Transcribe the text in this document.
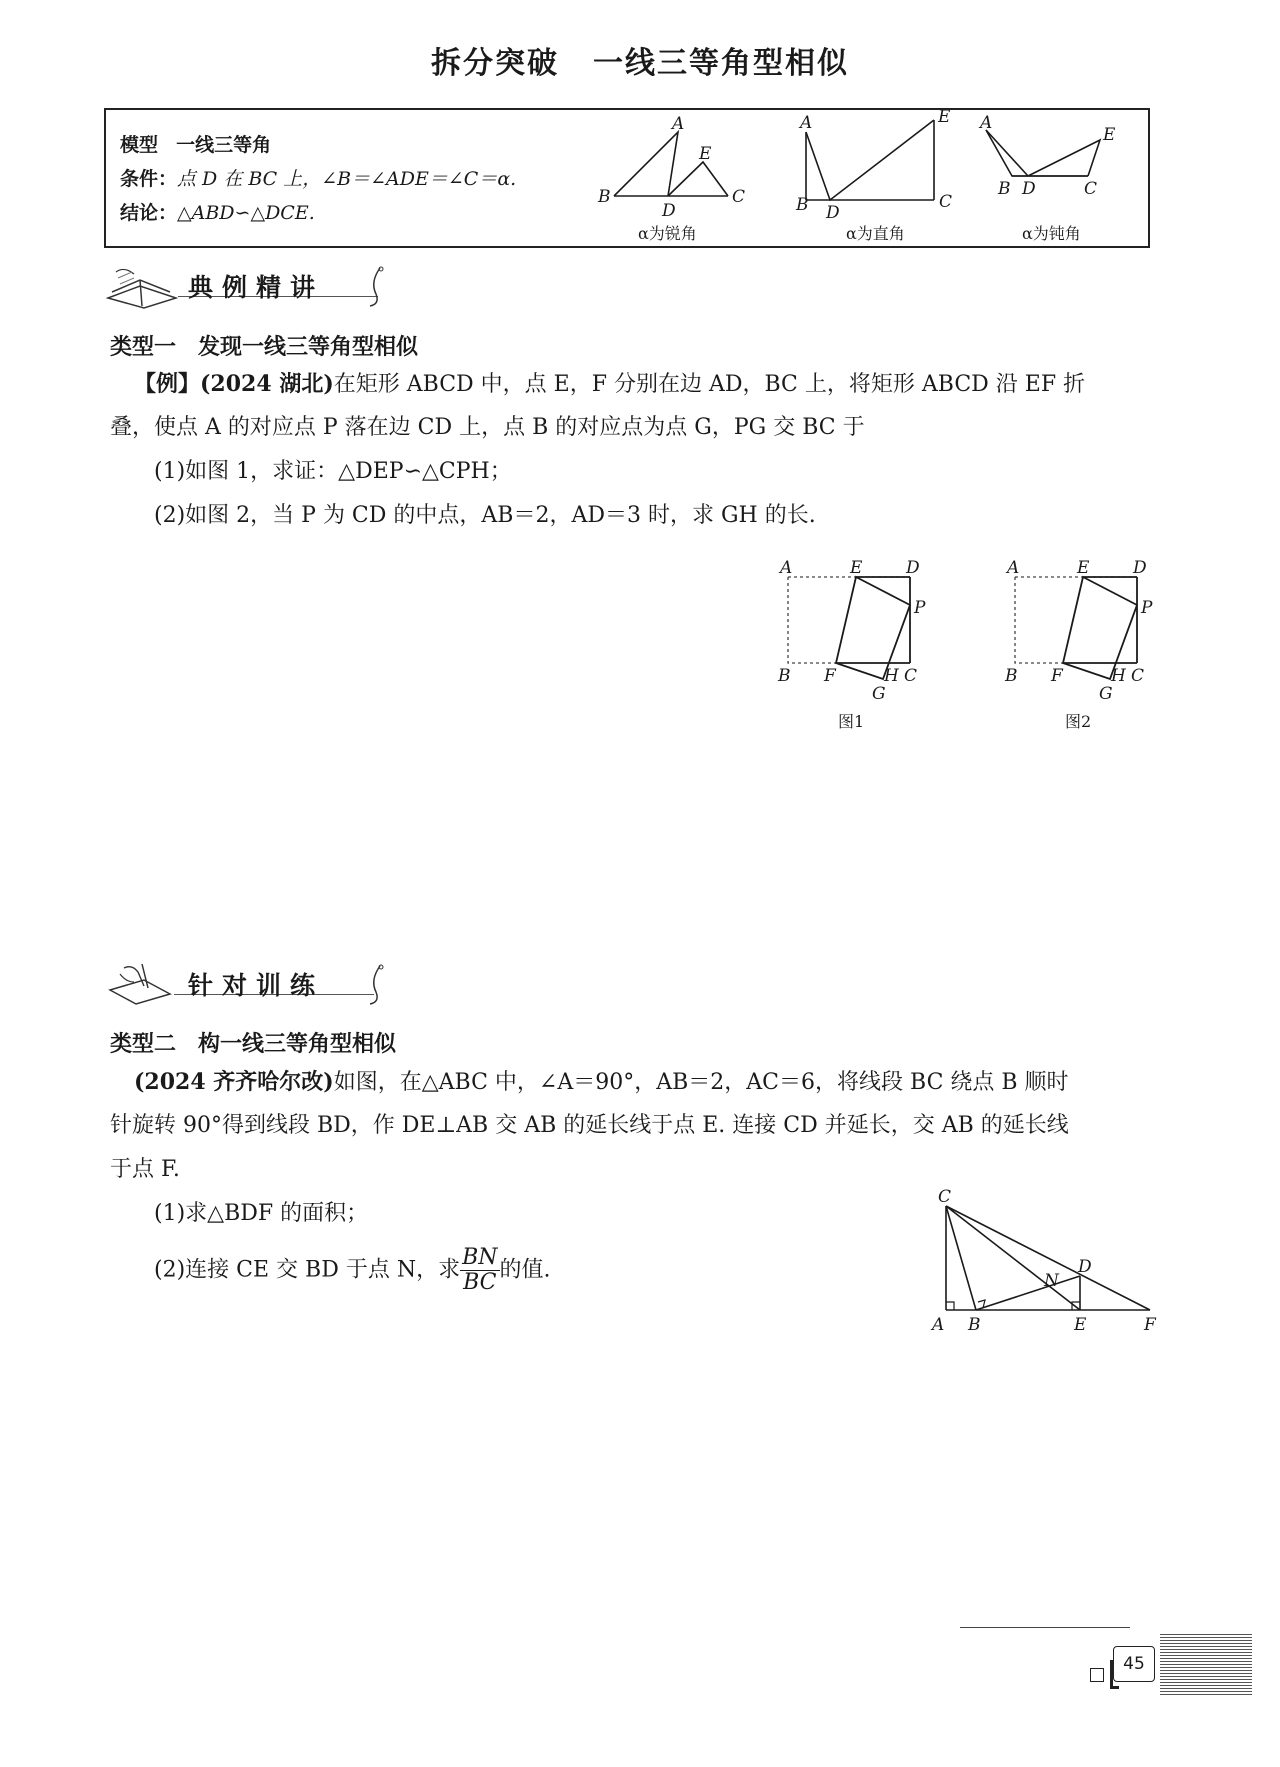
拆分突破 一线三等角型相似
模型 一线三等角
条件：点 D 在 BC 上，∠B＝∠ADE＝∠C＝α.
结论：△ABD∽△DCE.
A
E
B
D
C
α为锐角
A	E
B D
C
α为直角
A
E
B D	C
α为钝角
典例精讲
类型一 发现一线三等角型相似
【例】(2024 湖北)在矩形 ABCD 中，点 E，F 分别在边 AD，BC 上，将矩形 ABCD 沿 EF 折
叠，使点 A 的对应点 P 落在边 CD 上，点 B 的对应点为点 G，PG 交 BC 于
(1)如图 1，求证：△DEP∽△CPH；
(2)如图 2，当 P 为 CD 的中点，AB＝2，AD＝3 时，求 GH 的长.
A	E	D
P
B F	H C
G
图1
A	E	D
P
B F	H C
G
图2
针对训练
类型二 构一线三等角型相似
(2024 齐齐哈尔改)如图，在△ABC 中，∠A＝90°，AB＝2，AC＝6，将线段 BC 绕点 B 顺时
针旋转 90°得到线段 BD，作 DE⊥AB 交 AB 的延长线于点 E. 连接 CD 并延长，交 AB 的延长线
于点 F.
(1)求△BDF 的面积；
(2)连接 CE 交 BD 于点 N，求 $\frac{BN}{BC}$ 的值.
C
D
N
A B	E	F
45
